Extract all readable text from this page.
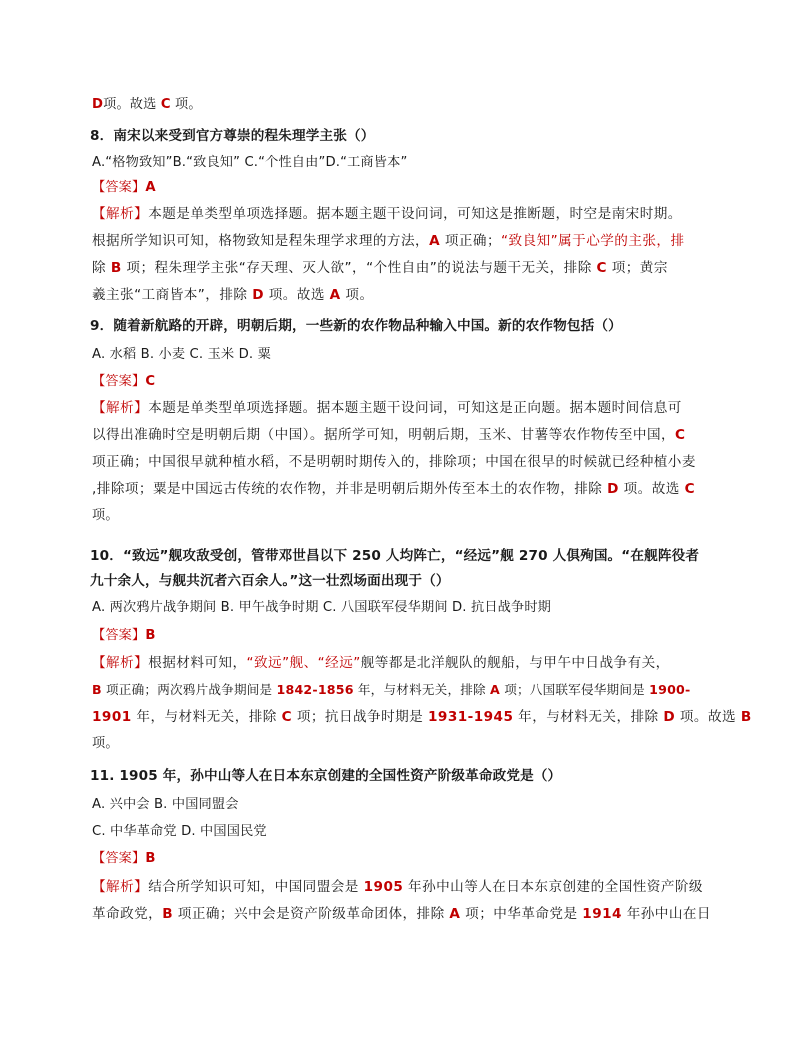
D项。故选 C 项。
8．南宋以来受到官方尊崇的程朱理学主张（）
A.“格物致知”B.“致良知” C.“个性自由”D.“工商皆本”
【答案】A
【解析】本题是单类型单项选择题。据本题主题干设问词，可知这是推断题，时空是南宋时期。
根据所学知识可知，格物致知是程朱理学求理的方法，A 项正确；“致良知”属于心学的主张，排
除 B 项；程朱理学主张“存天理、灭人欲”，“个性自由”的说法与题干无关，排除 C 项；黄宗
羲主张“工商皆本”，排除 D 项。故选 A 项。
9．随着新航路的开辟，明朝后期，一些新的农作物品种输入中国。新的农作物包括（）
A. 水稻 B. 小麦 C. 玉米 D. 粟
【答案】C
【解析】本题是单类型单项选择题。据本题主题干设问词，可知这是正向题。据本题时间信息可
以得出准确时空是明朝后期（中国）。据所学可知，明朝后期，玉米、甘薯等农作物传至中国，C
项正确；中国很早就种植水稻，不是明朝时期传入的，排除项；中国在很早的时候就已经种植小麦
,排除项；粟是中国远古传统的农作物，并非是明朝后期外传至本土的农作物，排除 D 项。故选 C
项。
10．“致远”舰攻敌受创，管带邓世昌以下 250 人均阵亡，“经远”舰 270 人俱殉国。“在舰阵役者
九十余人，与舰共沉者六百余人。”这一壮烈场面出现于（）
A. 两次鸦片战争期间 B. 甲午战争时期 C. 八国联军侵华期间 D. 抗日战争时期
【答案】B
【解析】根据材料可知，“致远”舰、“经远”舰等都是北洋舰队的舰船，与甲午中日战争有关，
B 项正确；两次鸦片战争期间是 1842-1856 年，与材料无关，排除 A 项；八国联军侵华期间是 1900-
1901 年，与材料无关，排除 C 项；抗日战争时期是 1931-1945 年，与材料无关，排除 D 项。故选 B
项。
11. 1905 年，孙中山等人在日本东京创建的全国性资产阶级革命政党是（）
A. 兴中会 B. 中国同盟会
C. 中华革命党 D. 中国国民党
【答案】B
【解析】结合所学知识可知，中国同盟会是 1905 年孙中山等人在日本东京创建的全国性资产阶级
革命政党，B 项正确；兴中会是资产阶级革命团体，排除 A 项；中华革命党是 1914 年孙中山在日
